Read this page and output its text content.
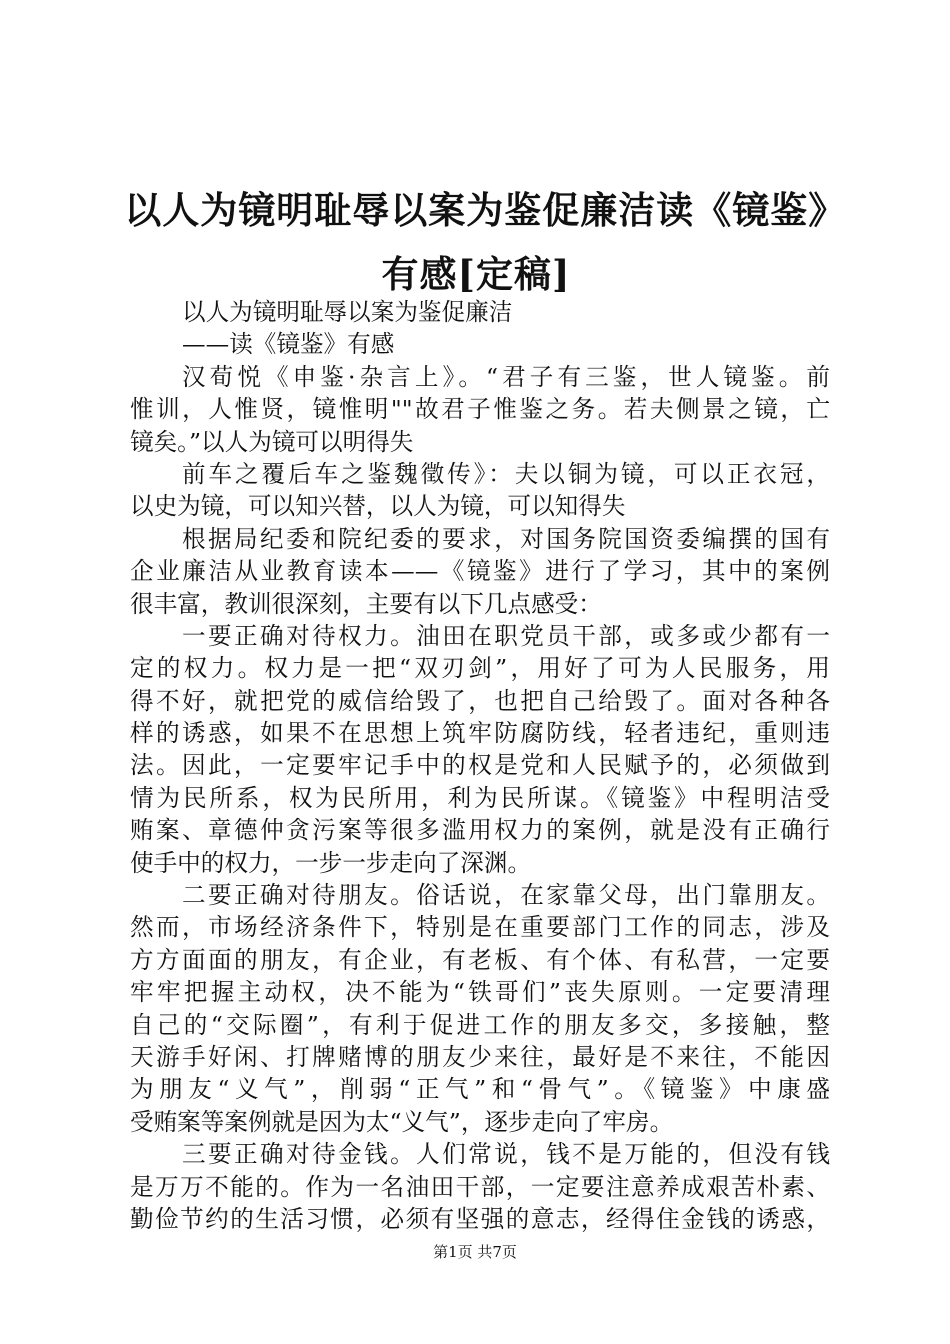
以人为镜明耻辱以案为鉴促廉洁读《镜鉴》有感[定稿]
以人为镜明耻辱以案为鉴促廉洁
——读《镜鉴》有感
汉荀悦《申鉴·杂言上》。“君子有三鉴，世人镜鉴。前
惟训，人惟贤，镜惟明""故君子惟鉴之务。若夫侧景之镜，亡
镜矣。”以人为镜可以明得失
前车之覆后车之鉴魏徵传》：夫以铜为镜，可以正衣冠，
以史为镜，可以知兴替，以人为镜，可以知得失
根据局纪委和院纪委的要求，对国务院国资委编撰的国有
企业廉洁从业教育读本——《镜鉴》进行了学习，其中的案例
很丰富，教训很深刻，主要有以下几点感受：
一要正确对待权力。油田在职党员干部，或多或少都有一
定的权力。权力是一把“双刃剑”，用好了可为人民服务，用
得不好，就把党的威信给毁了，也把自己给毁了。面对各种各
样的诱惑，如果不在思想上筑牢防腐防线，轻者违纪，重则违
法。因此，一定要牢记手中的权是党和人民赋予的，必须做到
情为民所系，权为民所用，利为民所谋。《镜鉴》中程明洁受
贿案、章德仲贪污案等很多滥用权力的案例，就是没有正确行
使手中的权力，一步一步走向了深渊。
二要正确对待朋友。俗话说，在家靠父母，出门靠朋友。
然而，市场经济条件下，特别是在重要部门工作的同志，涉及
方方面面的朋友，有企业，有老板、有个体、有私营，一定要
牢牢把握主动权，决不能为“铁哥们”丧失原则。一定要清理
自己的“交际圈”，有利于促进工作的朋友多交，多接触，整
天游手好闲、打牌赌博的朋友少来往，最好是不来往，不能因
为朋友“义气”，削弱“正气”和“骨气”。《镜鉴》中康盛
受贿案等案例就是因为太“义气”，逐步走向了牢房。
三要正确对待金钱。人们常说，钱不是万能的，但没有钱
是万万不能的。作为一名油田干部，一定要注意养成艰苦朴素、
勤俭节约的生活习惯，必须有坚强的意志，经得住金钱的诱惑，
第1页 共7页
